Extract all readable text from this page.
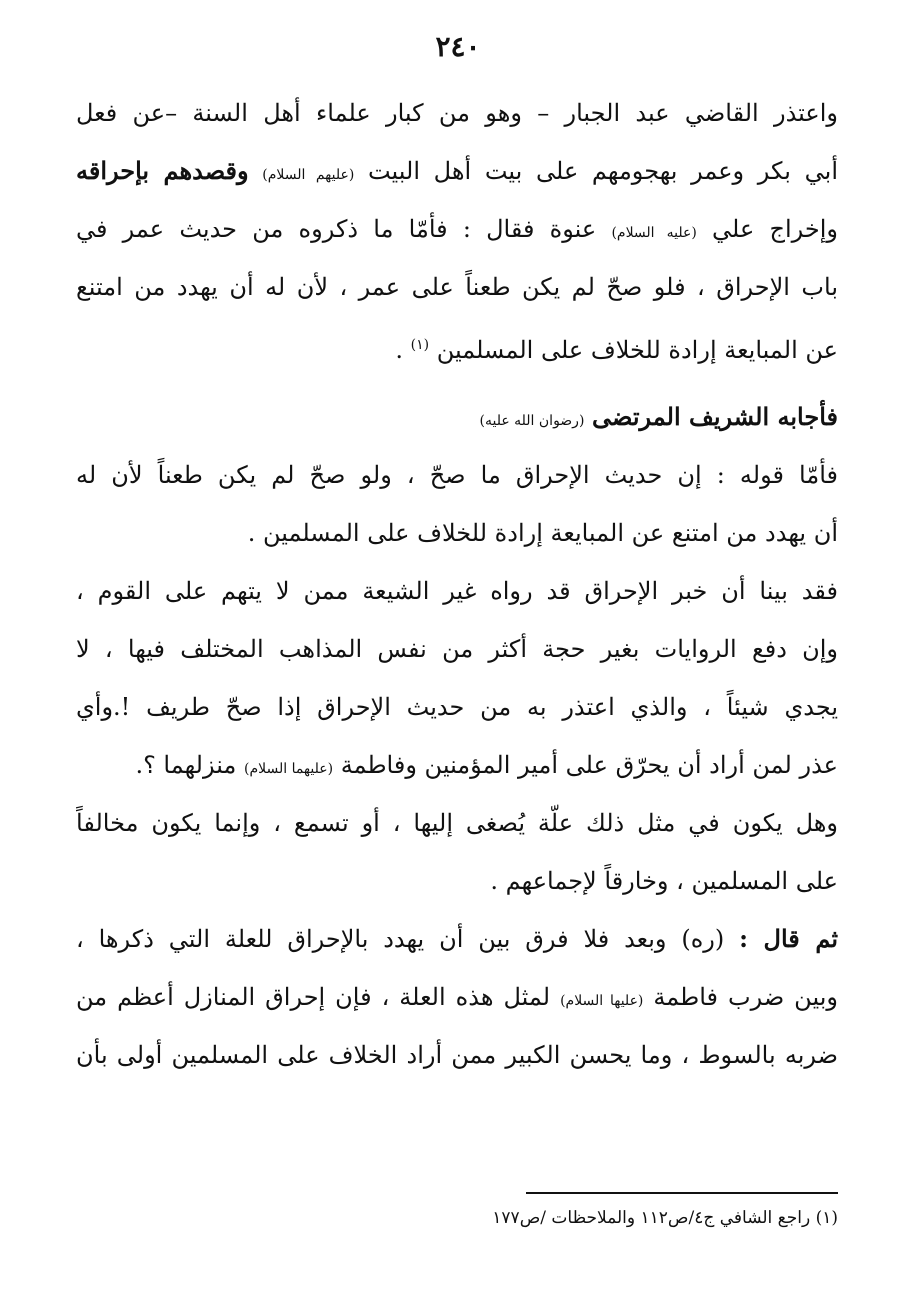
٢٤٠
واعتذر القاضي عبد الجبار – وهو من كبار علماء أهل السنة –عن فعل
أبي بكر وعمر بهجومهم على بيت أهل البيت (عليهم السلام) وقصدهم بإحراقه
وإخراج علي (عليه السلام) عنوة فقال : فأمّا ما ذكروه من حديث عمر في
باب الإحراق ، فلو صحّ لم يكن طعناً على عمر ، لأن له أن يهدد من امتنع
عن المبايعة إرادة للخلاف على المسلمين $^{(١)}$ .
فأجابه الشريف المرتضى (رضوان الله عليه)
فأمّا قوله : إن حديث الإحراق ما صحّ ، ولو صحّ لم يكن طعناً لأن له
أن يهدد من امتنع عن المبايعة إرادة للخلاف على المسلمين .
فقد بينا أن خبر الإحراق قد رواه غير الشيعة ممن لا يتهم على القوم ،
وإن دفع الروايات بغير حجة أكثر من نفس المذاهب المختلف فيها ، لا
يجدي شيئاً ، والذي اعتذر به من حديث الإحراق إذا صحّ طريف !.وأي
عذر لمن أراد أن يحرّق على أمير المؤمنين وفاطمة (عليهما السلام) منزلهما ؟.
وهل يكون في مثل ذلك علّة يُصغى إليها ، أو تسمع ، وإنما يكون مخالفاً
على المسلمين ، وخارقاً لإجماعهم .
ثم قال : (ره) وبعد فلا فرق بين أن يهدد بالإحراق للعلة التي ذكرها ،
وبين ضرب فاطمة (عليها السلام) لمثل هذه العلة ، فإن إحراق المنازل أعظم من
ضربه بالسوط ، وما يحسن الكبير ممن أراد الخلاف على المسلمين أولى بأن
(١) راجع الشافي ج٤/ص١١٢ والملاحظات /ص١٧٧
